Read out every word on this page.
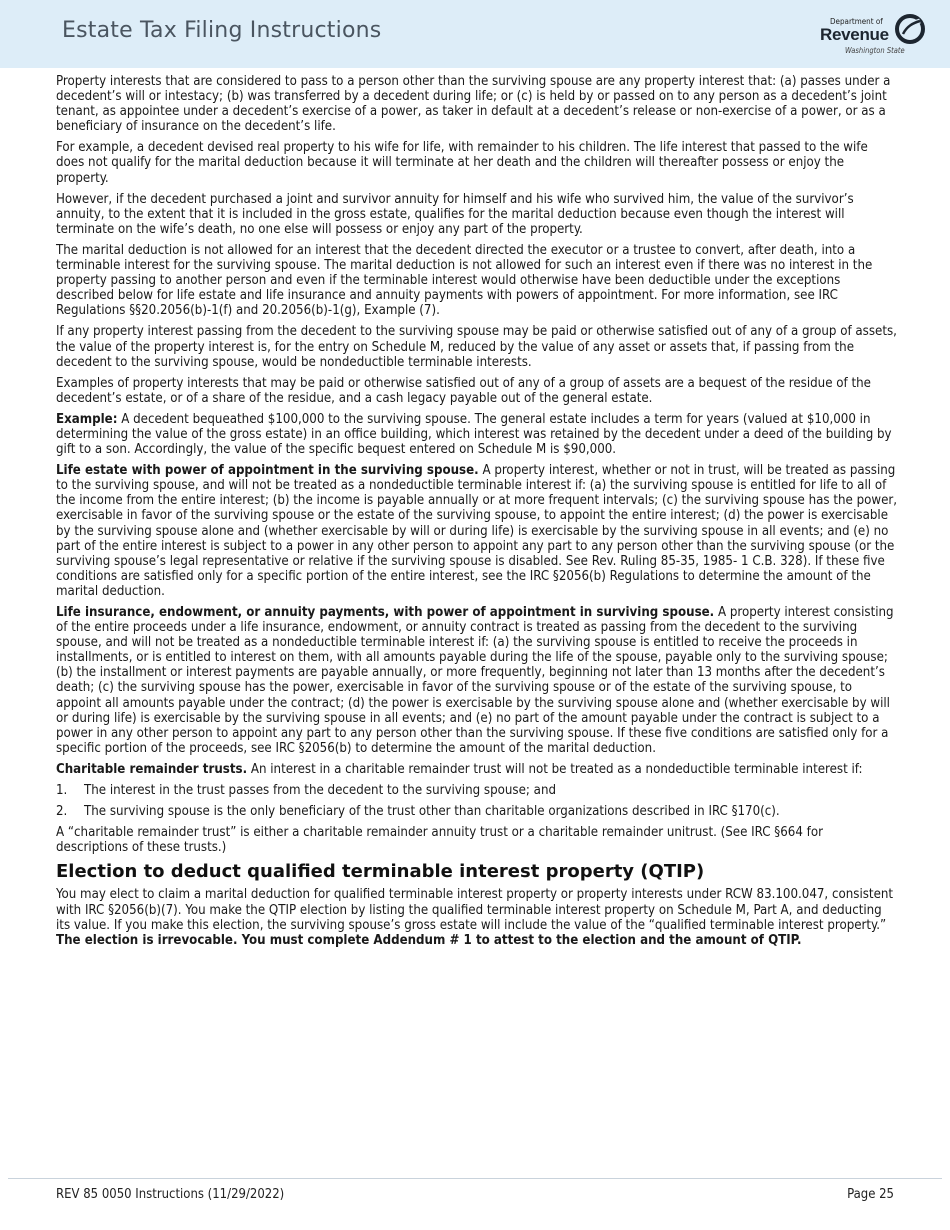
Estate Tax Filing Instructions	Department of
Revenue
Washington State

Property interests that are considered to pass to a person other than the surviving spouse are any property interest that: (a) passes under a decedent’s will or intestacy; (b) was transferred by a decedent during life; or (c) is held by or passed on to any person as a decedent’s joint tenant, as appointee under a decedent’s exercise of a power, as taker in default at a decedent’s release or non-exercise of a power, or as a beneficiary of insurance on the decedent’s life.

For example, a decedent devised real property to his wife for life, with remainder to his children. The life interest that passed to the wife does not qualify for the marital deduction because it will terminate at her death and the children will thereafter possess or enjoy the property.

However, if the decedent purchased a joint and survivor annuity for himself and his wife who survived him, the value of the survivor’s annuity, to the extent that it is included in the gross estate, qualifies for the marital deduction because even though the interest will terminate on the wife’s death, no one else will possess or enjoy any part of the property.

The marital deduction is not allowed for an interest that the decedent directed the executor or a trustee to convert, after death, into a terminable interest for the surviving spouse. The marital deduction is not allowed for such an interest even if there was no interest in the property passing to another person and even if the terminable interest would otherwise have been deductible under the exceptions described below for life estate and life insurance and annuity payments with powers of appointment. For more information, see IRC Regulations §§20.2056(b)-1(f) and 20.2056(b)-1(g), Example (7).

If any property interest passing from the decedent to the surviving spouse may be paid or otherwise satisfied out of any of a group of assets, the value of the property interest is, for the entry on Schedule M, reduced by the value of any asset or assets that, if passing from the decedent to the surviving spouse, would be nondeductible terminable interests.

Examples of property interests that may be paid or otherwise satisfied out of any of a group of assets are a bequest of the residue of the decedent’s estate, or of a share of the residue, and a cash legacy payable out of the general estate.

Example: A decedent bequeathed $100,000 to the surviving spouse. The general estate includes a term for years (valued at $10,000 in determining the value of the gross estate) in an office building, which interest was retained by the decedent under a deed of the building by gift to a son. Accordingly, the value of the specific bequest entered on Schedule M is $90,000.

Life estate with power of appointment in the surviving spouse. A property interest, whether or not in trust, will be treated as passing to the surviving spouse, and will not be treated as a nondeductible terminable interest if: (a) the surviving spouse is entitled for life to all of the income from the entire interest; (b) the income is payable annually or at more frequent intervals; (c) the surviving spouse has the power, exercisable in favor of the surviving spouse or the estate of the surviving spouse, to appoint the entire interest; (d) the power is exercisable by the surviving spouse alone and (whether exercisable by will or during life) is exercisable by the surviving spouse in all events; and (e) no part of the entire interest is subject to a power in any other person to appoint any part to any person other than the surviving spouse (or the surviving spouse’s legal representative or relative if the surviving spouse is disabled. See Rev. Ruling 85-35, 1985- 1 C.B. 328). If these five conditions are satisfied only for a specific portion of the entire interest, see the IRC §2056(b) Regulations to determine the amount of the marital deduction.

Life insurance, endowment, or annuity payments, with power of appointment in surviving spouse. A property interest consisting of the entire proceeds under a life insurance, endowment, or annuity contract is treated as passing from the decedent to the surviving spouse, and will not be treated as a nondeductible terminable interest if: (a) the surviving spouse is entitled to receive the proceeds in installments, or is entitled to interest on them, with all amounts payable during the life of the spouse, payable only to the surviving spouse; (b) the installment or interest payments are payable annually, or more frequently, beginning not later than 13 months after the decedent’s death; (c) the surviving spouse has the power, exercisable in favor of the surviving spouse or of the estate of the surviving spouse, to appoint all amounts payable under the contract; (d) the power is exercisable by the surviving spouse alone and (whether exercisable by will or during life) is exercisable by the surviving spouse in all events; and (e) no part of the amount payable under the contract is subject to a power in any other person to appoint any part to any person other than the surviving spouse. If these five conditions are satisfied only for a specific portion of the proceeds, see IRC §2056(b) to determine the amount of the marital deduction.

Charitable remainder trusts. An interest in a charitable remainder trust will not be treated as a nondeductible terminable interest if:

1. The interest in the trust passes from the decedent to the surviving spouse; and
2. The surviving spouse is the only beneficiary of the trust other than charitable organizations described in IRC §170(c).

A “charitable remainder trust” is either a charitable remainder annuity trust or a charitable remainder unitrust. (See IRC §664 for descriptions of these trusts.)

Election to deduct qualified terminable interest property (QTIP)

You may elect to claim a marital deduction for qualified terminable interest property or property interests under RCW 83.100.047, consistent with IRC §2056(b)(7). You make the QTIP election by listing the qualified terminable interest property on Schedule M, Part A, and deducting its value. If you make this election, the surviving spouse’s gross estate will include the value of the “qualified terminable interest property.” The election is irrevocable. You must complete Addendum # 1 to attest to the election and the amount of QTIP.

REV 85 0050 Instructions (11/29/2022)	Page 25
